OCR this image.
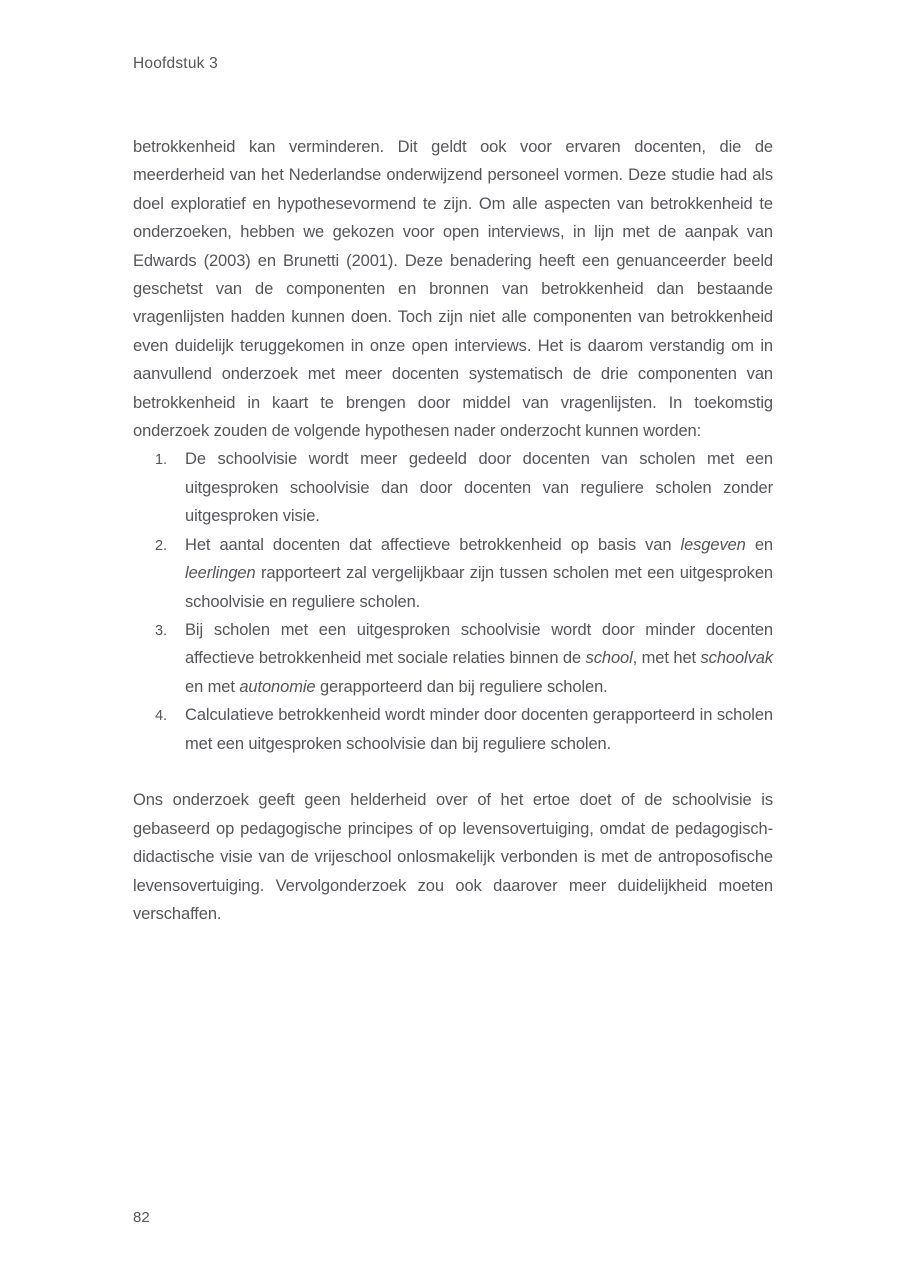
Hoofdstuk 3

betrokkenheid kan verminderen. Dit geldt ook voor ervaren docenten, die de meerderheid van het Nederlandse onderwijzend personeel vormen. Deze studie had als doel exploratief en hypothesevormend te zijn. Om alle aspecten van betrokkenheid te onderzoeken, hebben we gekozen voor open interviews, in lijn met de aanpak van Edwards (2003) en Brunetti (2001). Deze benadering heeft een genuanceerder beeld geschetst van de componenten en bronnen van betrokkenheid dan bestaande vragenlijsten hadden kunnen doen. Toch zijn niet alle componenten van betrokkenheid even duidelijk teruggekomen in onze open interviews. Het is daarom verstandig om in aanvullend onderzoek met meer docenten systematisch de drie componenten van betrokkenheid in kaart te brengen door middel van vragenlijsten. In toekomstig onderzoek zouden de volgende hypothesen nader onderzocht kunnen worden:

1. De schoolvisie wordt meer gedeeld door docenten van scholen met een uitgesproken schoolvisie dan door docenten van reguliere scholen zonder uitgesproken visie.
2. Het aantal docenten dat affectieve betrokkenheid op basis van lesgeven en leerlingen rapporteert zal vergelijkbaar zijn tussen scholen met een uitgesproken schoolvisie en reguliere scholen.
3. Bij scholen met een uitgesproken schoolvisie wordt door minder docenten affectieve betrokkenheid met sociale relaties binnen de school, met het schoolvak en met autonomie gerapporteerd dan bij reguliere scholen.
4. Calculatieve betrokkenheid wordt minder door docenten gerapporteerd in scholen met een uitgesproken schoolvisie dan bij reguliere scholen.

Ons onderzoek geeft geen helderheid over of het ertoe doet of de schoolvisie is gebaseerd op pedagogische principes of op levensovertuiging, omdat de pedagogisch-didactische visie van de vrijeschool onlosmakelijk verbonden is met de antroposofische levensovertuiging. Vervolgonderzoek zou ook daarover meer duidelijkheid moeten verschaffen.

82
